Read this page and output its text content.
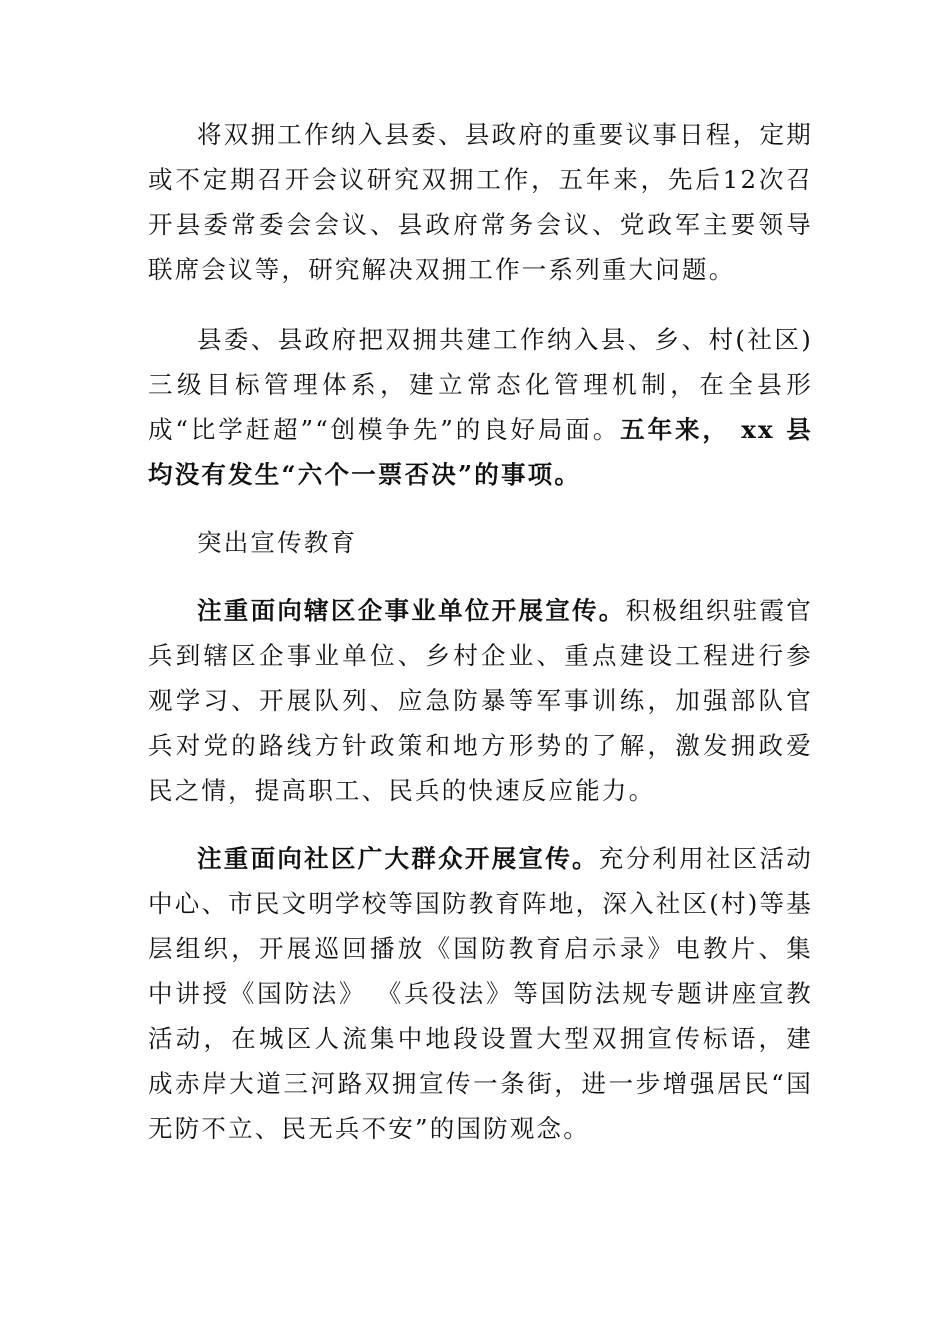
将双拥工作纳入县委、县政府的重要议事日程，定期或不定期召开会议研究双拥工作，五年来，先后12次召开县委常委会会议、县政府常务会议、党政军主要领导联席会议等，研究解决双拥工作一系列重大问题。

县委、县政府把双拥共建工作纳入县、乡、村(社区)三级目标管理体系，建立常态化管理机制，在全县形成“比学赶超”“创模争先”的良好局面。五年来， xx 县均没有发生“六个一票否决”的事项。

突出宣传教育

注重面向辖区企事业单位开展宣传。积极组织驻霞官兵到辖区企事业单位、乡村企业、重点建设工程进行参观学习、开展队列、应急防暴等军事训练，加强部队官兵对党的路线方针政策和地方形势的了解，激发拥政爱民之情，提高职工、民兵的快速反应能力。

注重面向社区广大群众开展宣传。充分利用社区活动中心、市民文明学校等国防教育阵地，深入社区(村)等基层组织，开展巡回播放《国防教育启示录》电教片、集中讲授《国防法》 《兵役法》等国防法规专题讲座宣教活动，在城区人流集中地段设置大型双拥宣传标语，建成赤岸大道三河路双拥宣传一条街，进一步增强居民“国无防不立、民无兵不安”的国防观念。
